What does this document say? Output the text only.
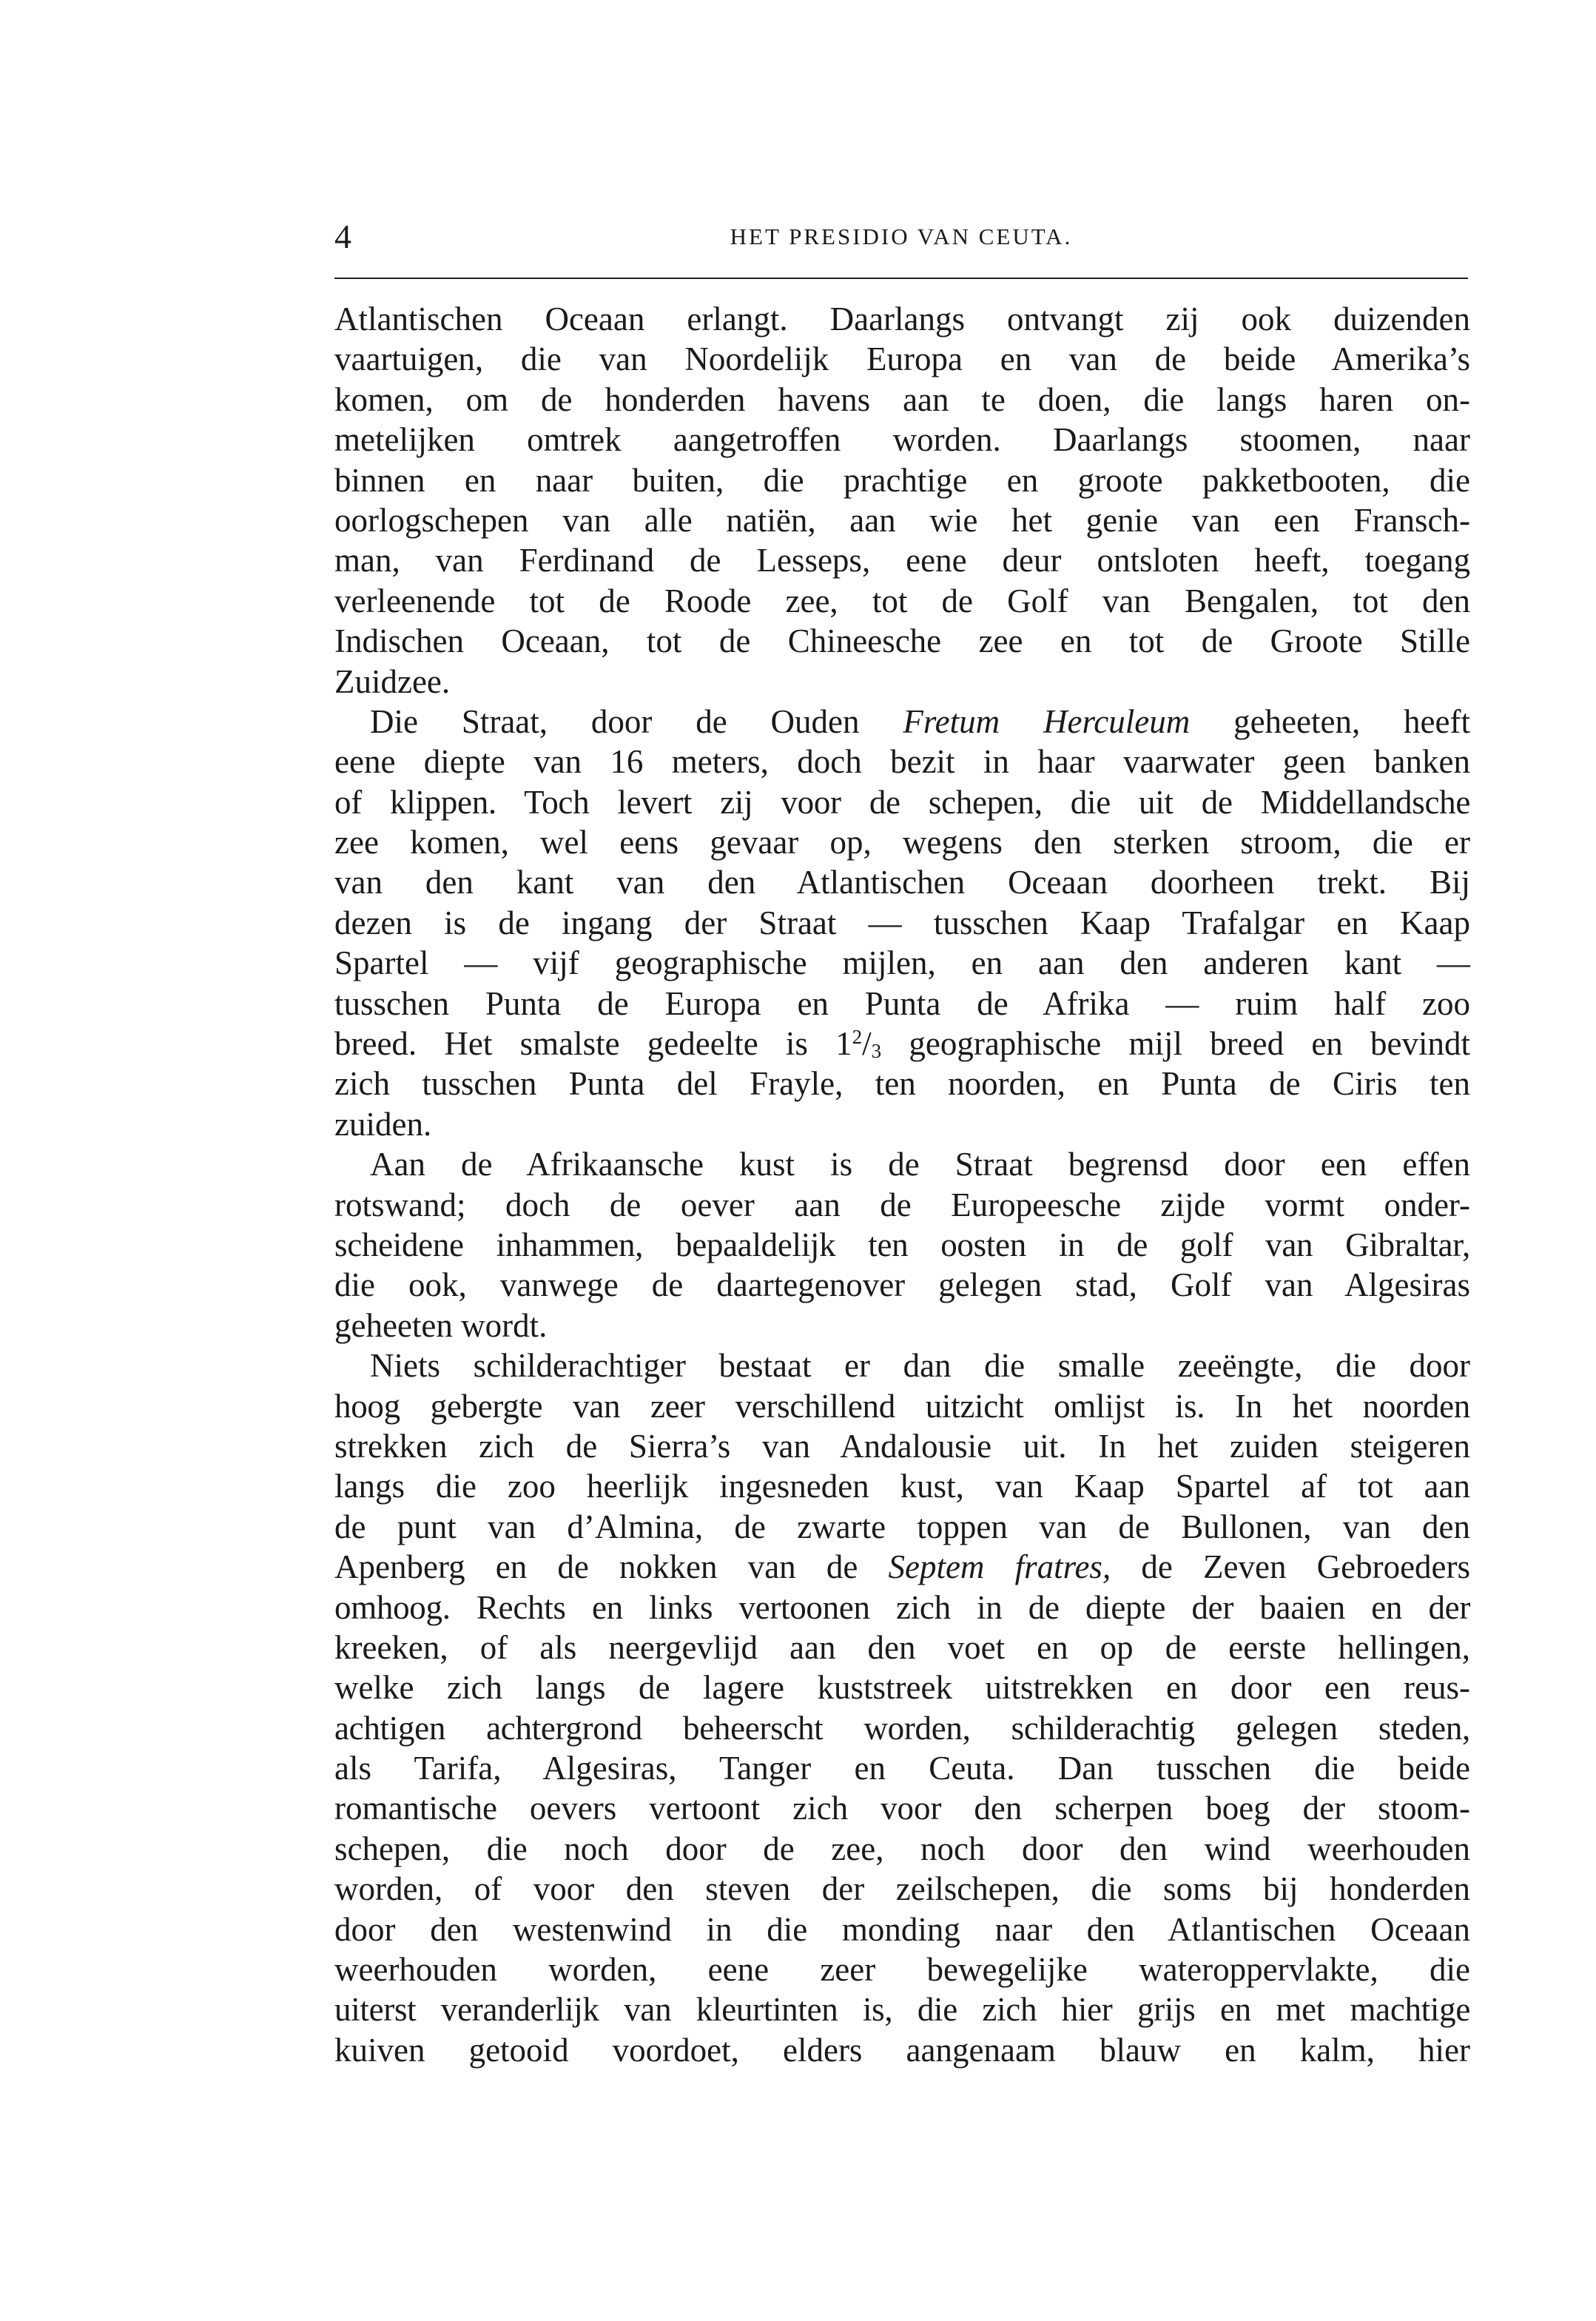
4	HET PRESIDIO VAN CEUTA.
Atlantischen Oceaan erlangt. Daarlangs ontvangt zij ook duizenden
vaartuigen, die van Noordelijk Europa en van de beide Amerika’s
komen, om de honderden havens aan te doen, die langs haren on-
metelijken omtrek aangetroffen worden. Daarlangs stoomen, naar
binnen en naar buiten, die prachtige en groote pakketbooten, die
oorlogschepen van alle natiën, aan wie het genie van een Fransch-
man, van Ferdinand de Lesseps, eene deur ontsloten heeft, toegang
verleenende tot de Roode zee, tot de Golf van Bengalen, tot den
Indischen Oceaan, tot de Chineesche zee en tot de Groote Stille
Zuidzee.
Die Straat, door de Ouden Fretum Herculeum geheeten, heeft
eene diepte van 16 meters, doch bezit in haar vaarwater geen banken
of klippen. Toch levert zij voor de schepen, die uit de Middellandsche
zee komen, wel eens gevaar op, wegens den sterken stroom, die er
van den kant van den Atlantischen Oceaan doorheen trekt. Bij
dezen is de ingang der Straat — tusschen Kaap Trafalgar en Kaap
Spartel — vijf geographische mijlen, en aan den anderen kant —
tusschen Punta de Europa en Punta de Afrika — ruim half zoo
breed. Het smalste gedeelte is $1^2/_3$ geographische mijl breed en bevindt
zich tusschen Punta del Frayle, ten noorden, en Punta de Ciris ten
zuiden.
Aan de Afrikaansche kust is de Straat begrensd door een effen
rotswand; doch de oever aan de Europeesche zijde vormt onder-
scheidene inhammen, bepaaldelijk ten oosten in de golf van Gibraltar,
die ook, vanwege de daartegenover gelegen stad, Golf van Algesiras
geheeten wordt.
Niets schilderachtiger bestaat er dan die smalle zeeëngte, die door
hoog gebergte van zeer verschillend uitzicht omlijst is. In het noorden
strekken zich de Sierra’s van Andalousie uit. In het zuiden steigeren
langs die zoo heerlijk ingesneden kust, van Kaap Spartel af tot aan
de punt van d’Almina, de zwarte toppen van de Bullonen, van den
Apenberg en de nokken van de Septem fratres, de Zeven Gebroeders
omhoog. Rechts en links vertoonen zich in de diepte der baaien en der
kreeken, of als neergevlijd aan den voet en op de eerste hellingen,
welke zich langs de lagere kuststreek uitstrekken en door een reus-
achtigen achtergrond beheerscht worden, schilderachtig gelegen steden,
als Tarifa, Algesiras, Tanger en Ceuta. Dan tusschen die beide
romantische oevers vertoont zich voor den scherpen boeg der stoom-
schepen, die noch door de zee, noch door den wind weerhouden
worden, of voor den steven der zeilschepen, die soms bij honderden
door den westenwind in die monding naar den Atlantischen Oceaan
weerhouden worden, eene zeer bewegelijke wateroppervlakte, die
uiterst veranderlijk van kleurtinten is, die zich hier grijs en met machtige
kuiven getooid voordoet, elders aangenaam blauw en kalm, hier
